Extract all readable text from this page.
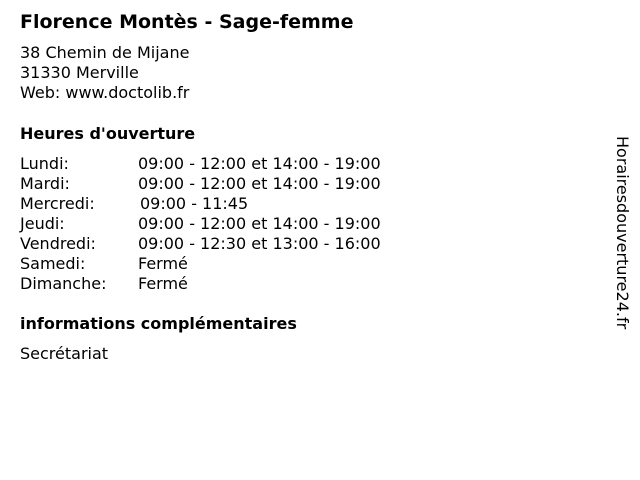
Florence Montès - Sage-femme
38 Chemin de Mijane
31330 Merville
Web: www.doctolib.fr
Heures d'ouverture
Lundi:	09:00 - 12:00 et 14:00 - 19:00
Mardi:	09:00 - 12:00 et 14:00 - 19:00
Mercredi:	09:00 - 11:45
Jeudi:	09:00 - 12:00 et 14:00 - 19:00
Vendredi:	09:00 - 12:30 et 13:00 - 16:00
Samedi:	Fermé
Dimanche: Fermé
informations complémentaires
Secrétariat
Horairesdouverture24.fr
